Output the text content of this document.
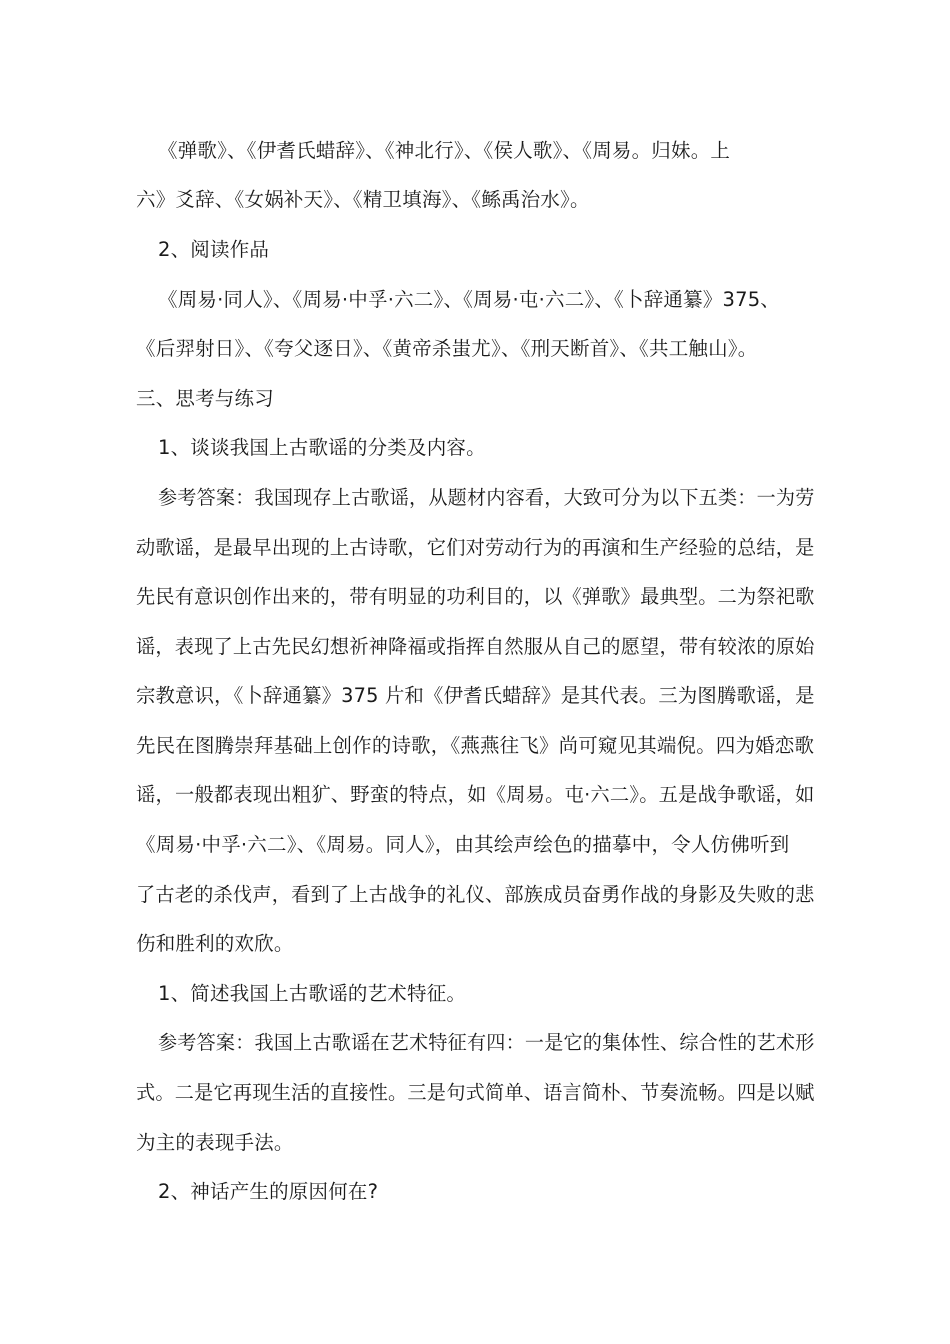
《弹歌》、《伊耆氏蜡辞》、《神北行》、《侯人歌》、《周易。归妹。上
六》爻辞、《女娲补天》、《精卫填海》、《鲧禹治水》。
2、阅读作品
《周易·同人》、《周易·中孚·六二》、《周易·屯·六二》、《卜辞通纂》375、
《后羿射日》、《夸父逐日》、《黄帝杀蚩尤》、《刑天断首》、《共工触山》。
三、思考与练习
1、谈谈我国上古歌谣的分类及内容。
参考答案：我国现存上古歌谣，从题材内容看，大致可分为以下五类：一为劳
动歌谣，是最早出现的上古诗歌，它们对劳动行为的再演和生产经验的总结，是
先民有意识创作出来的，带有明显的功利目的，以《弹歌》最典型。二为祭祀歌
谣，表现了上古先民幻想祈神降福或指挥自然服从自己的愿望，带有较浓的原始
宗教意识，《卜辞通纂》375 片和《伊耆氏蜡辞》是其代表。三为图腾歌谣，是
先民在图腾崇拜基础上创作的诗歌，《燕燕往飞》尚可窥见其端倪。四为婚恋歌
谣，一般都表现出粗犷、野蛮的特点，如《周易。屯·六二》。五是战争歌谣，如
《周易·中孚·六二》、《周易。同人》，由其绘声绘色的描摹中，令人仿佛听到
了古老的杀伐声，看到了上古战争的礼仪、部族成员奋勇作战的身影及失败的悲
伤和胜利的欢欣。
1、简述我国上古歌谣的艺术特征。
参考答案：我国上古歌谣在艺术特征有四：一是它的集体性、综合性的艺术形
式。二是它再现生活的直接性。三是句式简单、语言简朴、节奏流畅。四是以赋
为主的表现手法。
2、神话产生的原因何在?
